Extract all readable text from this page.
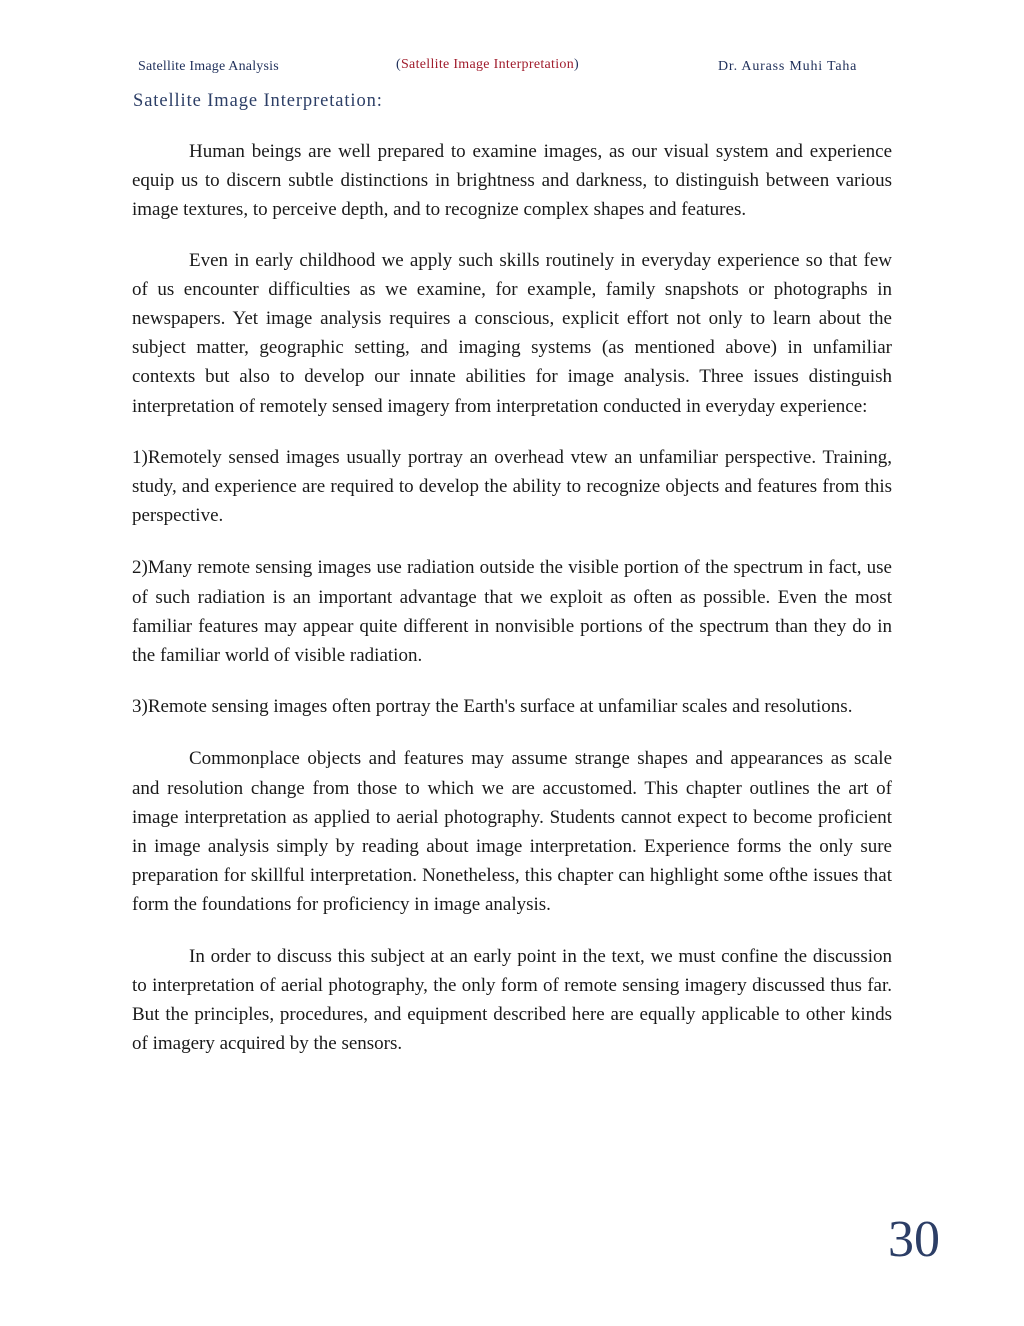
Satellite Image Analysis	(Satellite Image Interpretation)	Dr. Aurass Muhi Taha
Satellite Image Interpretation:

Human beings are well prepared to examine images, as our visual system and experience equip us to discern subtle distinctions in brightness and darkness, to distinguish between various image textures, to perceive depth, and to recognize complex shapes and features.

Even in early childhood we apply such skills routinely in everyday experience so that few of us encounter difficulties as we examine, for example, family snapshots or photographs in newspapers. Yet image analysis requires a conscious, explicit effort not only to learn about the subject matter, geographic setting, and imaging systems (as mentioned above) in unfamiliar contexts but also to develop our innate abilities for image analysis. Three issues distinguish interpretation of remotely sensed imagery from interpretation conducted in everyday experience:

1)Remotely sensed images usually portray an overhead vtew an unfamiliar perspective. Training, study, and experience are required to develop the ability to recognize objects and features from this perspective.

2)Many remote sensing images use radiation outside the visible portion of the spectrum in fact, use of such radiation is an important advantage that we exploit as often as possible. Even the most familiar features may appear quite different in nonvisible portions of the spectrum than they do in the familiar world of visible radiation.

3)Remote sensing images often portray the Earth's surface at unfamiliar scales and resolutions.

Commonplace objects and features may assume strange shapes and appearances as scale and resolution change from those to which we are accustomed. This chapter outlines the art of image interpretation as applied to aerial photography. Students cannot expect to become proficient in image analysis simply by reading about image interpretation. Experience forms the only sure preparation for skillful interpretation. Nonetheless, this chapter can highlight some ofthe issues that form the foundations for proficiency in image analysis.

In order to discuss this subject at an early point in the text, we must confine the discussion to interpretation of aerial photography, the only form of remote sensing imagery discussed thus far. But the principles, procedures, and equipment described here are equally applicable to other kinds of imagery acquired by the sensors.

30
